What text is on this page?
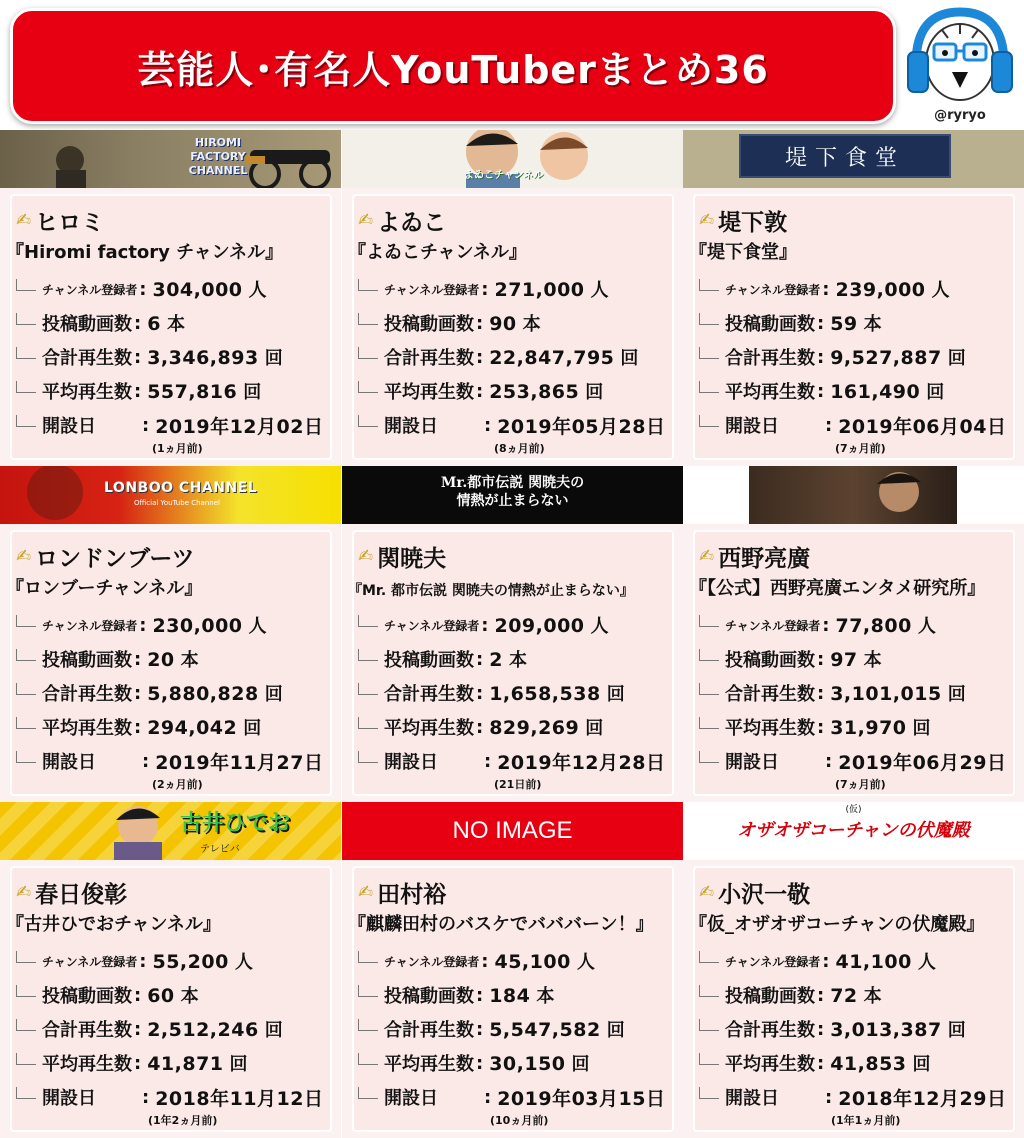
芸能人･有名人YouTuberまとめ36
@ryryo
HIROMI FACTORY CHANNEL
✍ ヒロミ
『Hiromi factory チャンネル』
チャンネル登録者 : 304,000 人
投稿動画数 : 6 本
合計再生数 : 3,346,893 回
平均再生数 : 557,816 回
開設日	: 2019年12月02日
(1ヵ月前)
よゐこチャンネル
✍ よゐこ
『よゐこチャンネル』
チャンネル登録者 : 271,000 人
投稿動画数 : 90 本
合計再生数 : 22,847,795 回
平均再生数 : 253,865 回
開設日	: 2019年05月28日
(8ヵ月前)
堤下食堂
✍ 堤下敦
『堤下食堂』
チャンネル登録者 : 239,000 人
投稿動画数 : 59 本
合計再生数 : 9,527,887 回
平均再生数 : 161,490 回
開設日	: 2019年06月04日
(7ヵ月前)
LONBOO CHANNEL
Official YouTube Channel
✍ ロンドンブーツ
『ロンブーチャンネル』
チャンネル登録者 : 230,000 人
投稿動画数 : 20 本
合計再生数 : 5,880,828 回
平均再生数 : 294,042 回
開設日	: 2019年11月27日
(2ヵ月前)
Mr.都市伝説 関暁夫の
情熱が止まらない
✍ 関暁夫
『Mr. 都市伝説 関暁夫の情熱が止まらない』
チャンネル登録者 : 209,000 人
投稿動画数 : 2 本
合計再生数 : 1,658,538 回
平均再生数 : 829,269 回
開設日	: 2019年12月28日
(21日前)
✍ 西野亮廣
『【公式】西野亮廣エンタメ研究所』
チャンネル登録者 : 77,800 人
投稿動画数 : 97 本
合計再生数 : 3,101,015 回
平均再生数 : 31,970 回
開設日	: 2019年06月29日
(7ヵ月前)
古井ひでお
テレビバ
✍ 春日俊彰
『古井ひでおチャンネル』
チャンネル登録者 : 55,200 人
投稿動画数 : 60 本
合計再生数 : 2,512,246 回
平均再生数 : 41,871 回
開設日	: 2018年11月12日
(1年2ヵ月前)
NO IMAGE
✍ 田村裕
『麒麟田村のバスケでバババーン！』
チャンネル登録者 : 45,100 人
投稿動画数 : 184 本
合計再生数 : 5,547,582 回
平均再生数 : 30,150 回
開設日	: 2019年03月15日
(10ヵ月前)
(仮)
オザオザコーチャンの伏魔殿
✍ 小沢一敬
『仮_オザオザコーチャンの伏魔殿』
チャンネル登録者 : 41,100 人
投稿動画数 : 72 本
合計再生数 : 3,013,387 回
平均再生数 : 41,853 回
開設日	: 2018年12月29日
(1年1ヵ月前)
